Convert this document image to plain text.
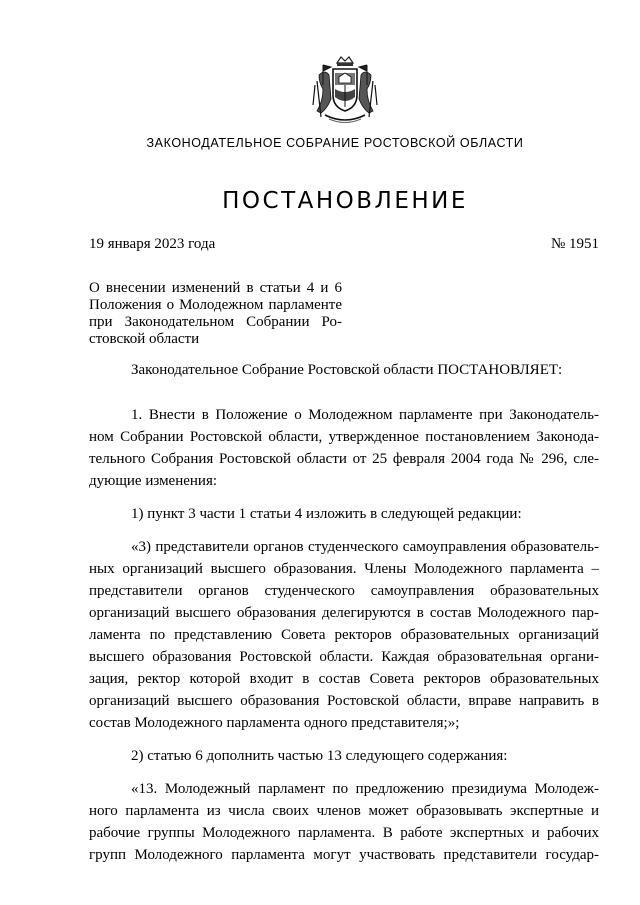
ЗАКОНОДАТЕЛЬНОЕ СОБРАНИЕ РОСТОВСКОЙ ОБЛАСТИ
ПОСТАНОВЛЕНИЕ
19 января 2023 года	№ 1951
О внесении изменений в статьи 4 и 6
Положения о Молодежном парламенте
при Законодательном Собрании Ро-
стовской области
Законодательное Собрание Ростовской области ПОСТАНОВЛЯЕТ:
1. Внести в Положение о Молодежном парламенте при Законодатель-
ном Собрании Ростовской области, утвержденное постановлением Законода-
тельного Собрания Ростовской области от 25 февраля 2004 года № 296, сле-
дующие изменения:
1) пункт 3 части 1 статьи 4 изложить в следующей редакции:
«3) представители органов студенческого самоуправления образователь-
ных организаций высшего образования. Члены Молодежного парламента –
представители органов студенческого самоуправления образовательных
организаций высшего образования делегируются в состав Молодежного пар-
ламента по представлению Совета ректоров образовательных организаций
высшего образования Ростовской области. Каждая образовательная органи-
зация, ректор которой входит в состав Совета ректоров образовательных
организаций высшего образования Ростовской области, вправе направить в
состав Молодежного парламента одного представителя;»;
2) статью 6 дополнить частью 13 следующего содержания:
«13. Молодежный парламент по предложению президиума Молодеж-
ного парламента из числа своих членов может образовывать экспертные и
рабочие группы Молодежного парламента. В работе экспертных и рабочих
групп Молодежного парламента могут участвовать представители государ-
